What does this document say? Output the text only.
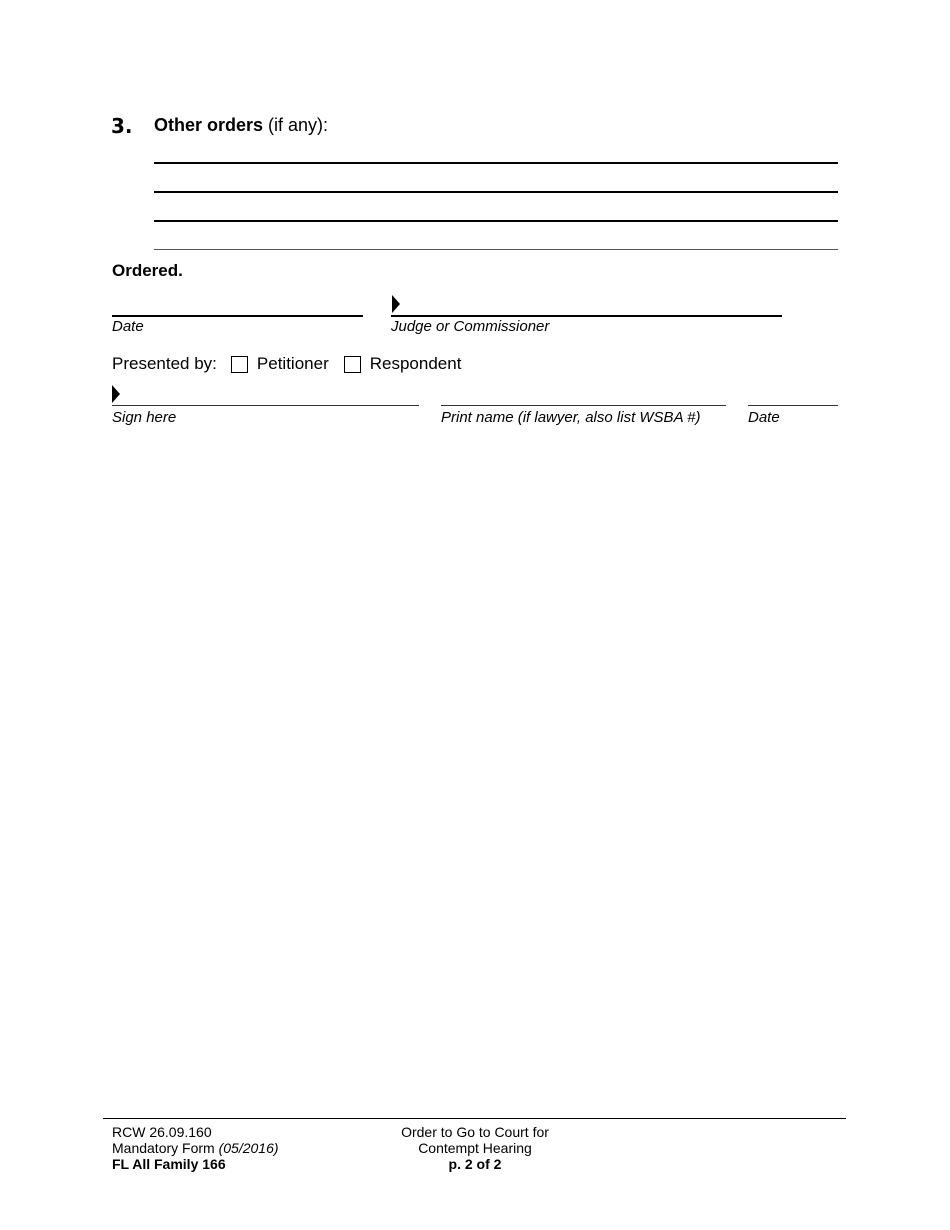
3. Other orders (if any):
Ordered.
Date	Judge or Commissioner
Presented by: Petitioner Respondent
Sign here	Print name (if lawyer, also list WSBA #)	Date
RCW 26.09.160
Mandatory Form (05/2016)
FL All Family 166
Order to Go to Court for
Contempt Hearing
p. 2 of 2
